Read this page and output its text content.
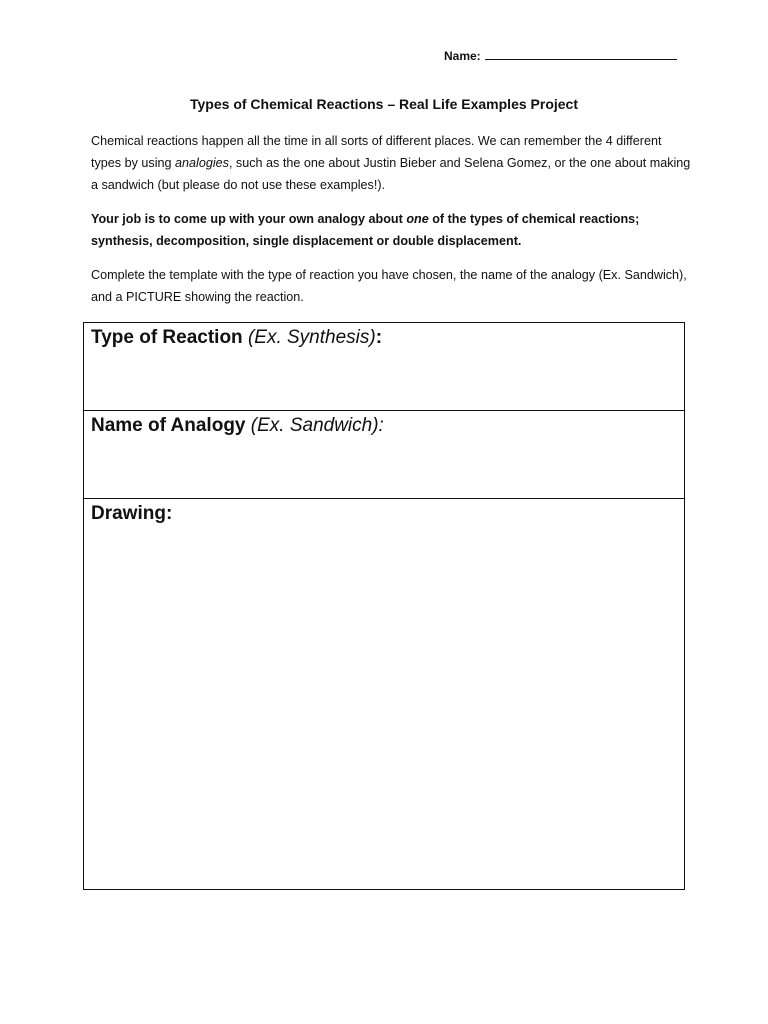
Name:
Types of Chemical Reactions – Real Life Examples Project
Chemical reactions happen all the time in all sorts of different places. We can remember the 4 different types by using analogies, such as the one about Justin Bieber and Selena Gomez, or the one about making a sandwich (but please do not use these examples!).
Your job is to come up with your own analogy about one of the types of chemical reactions; synthesis, decomposition, single displacement or double displacement.
Complete the template with the type of reaction you have chosen, the name of the analogy (Ex. Sandwich), and a PICTURE showing the reaction.
Type of Reaction (Ex. Synthesis):
Name of Analogy (Ex. Sandwich):
Drawing:
